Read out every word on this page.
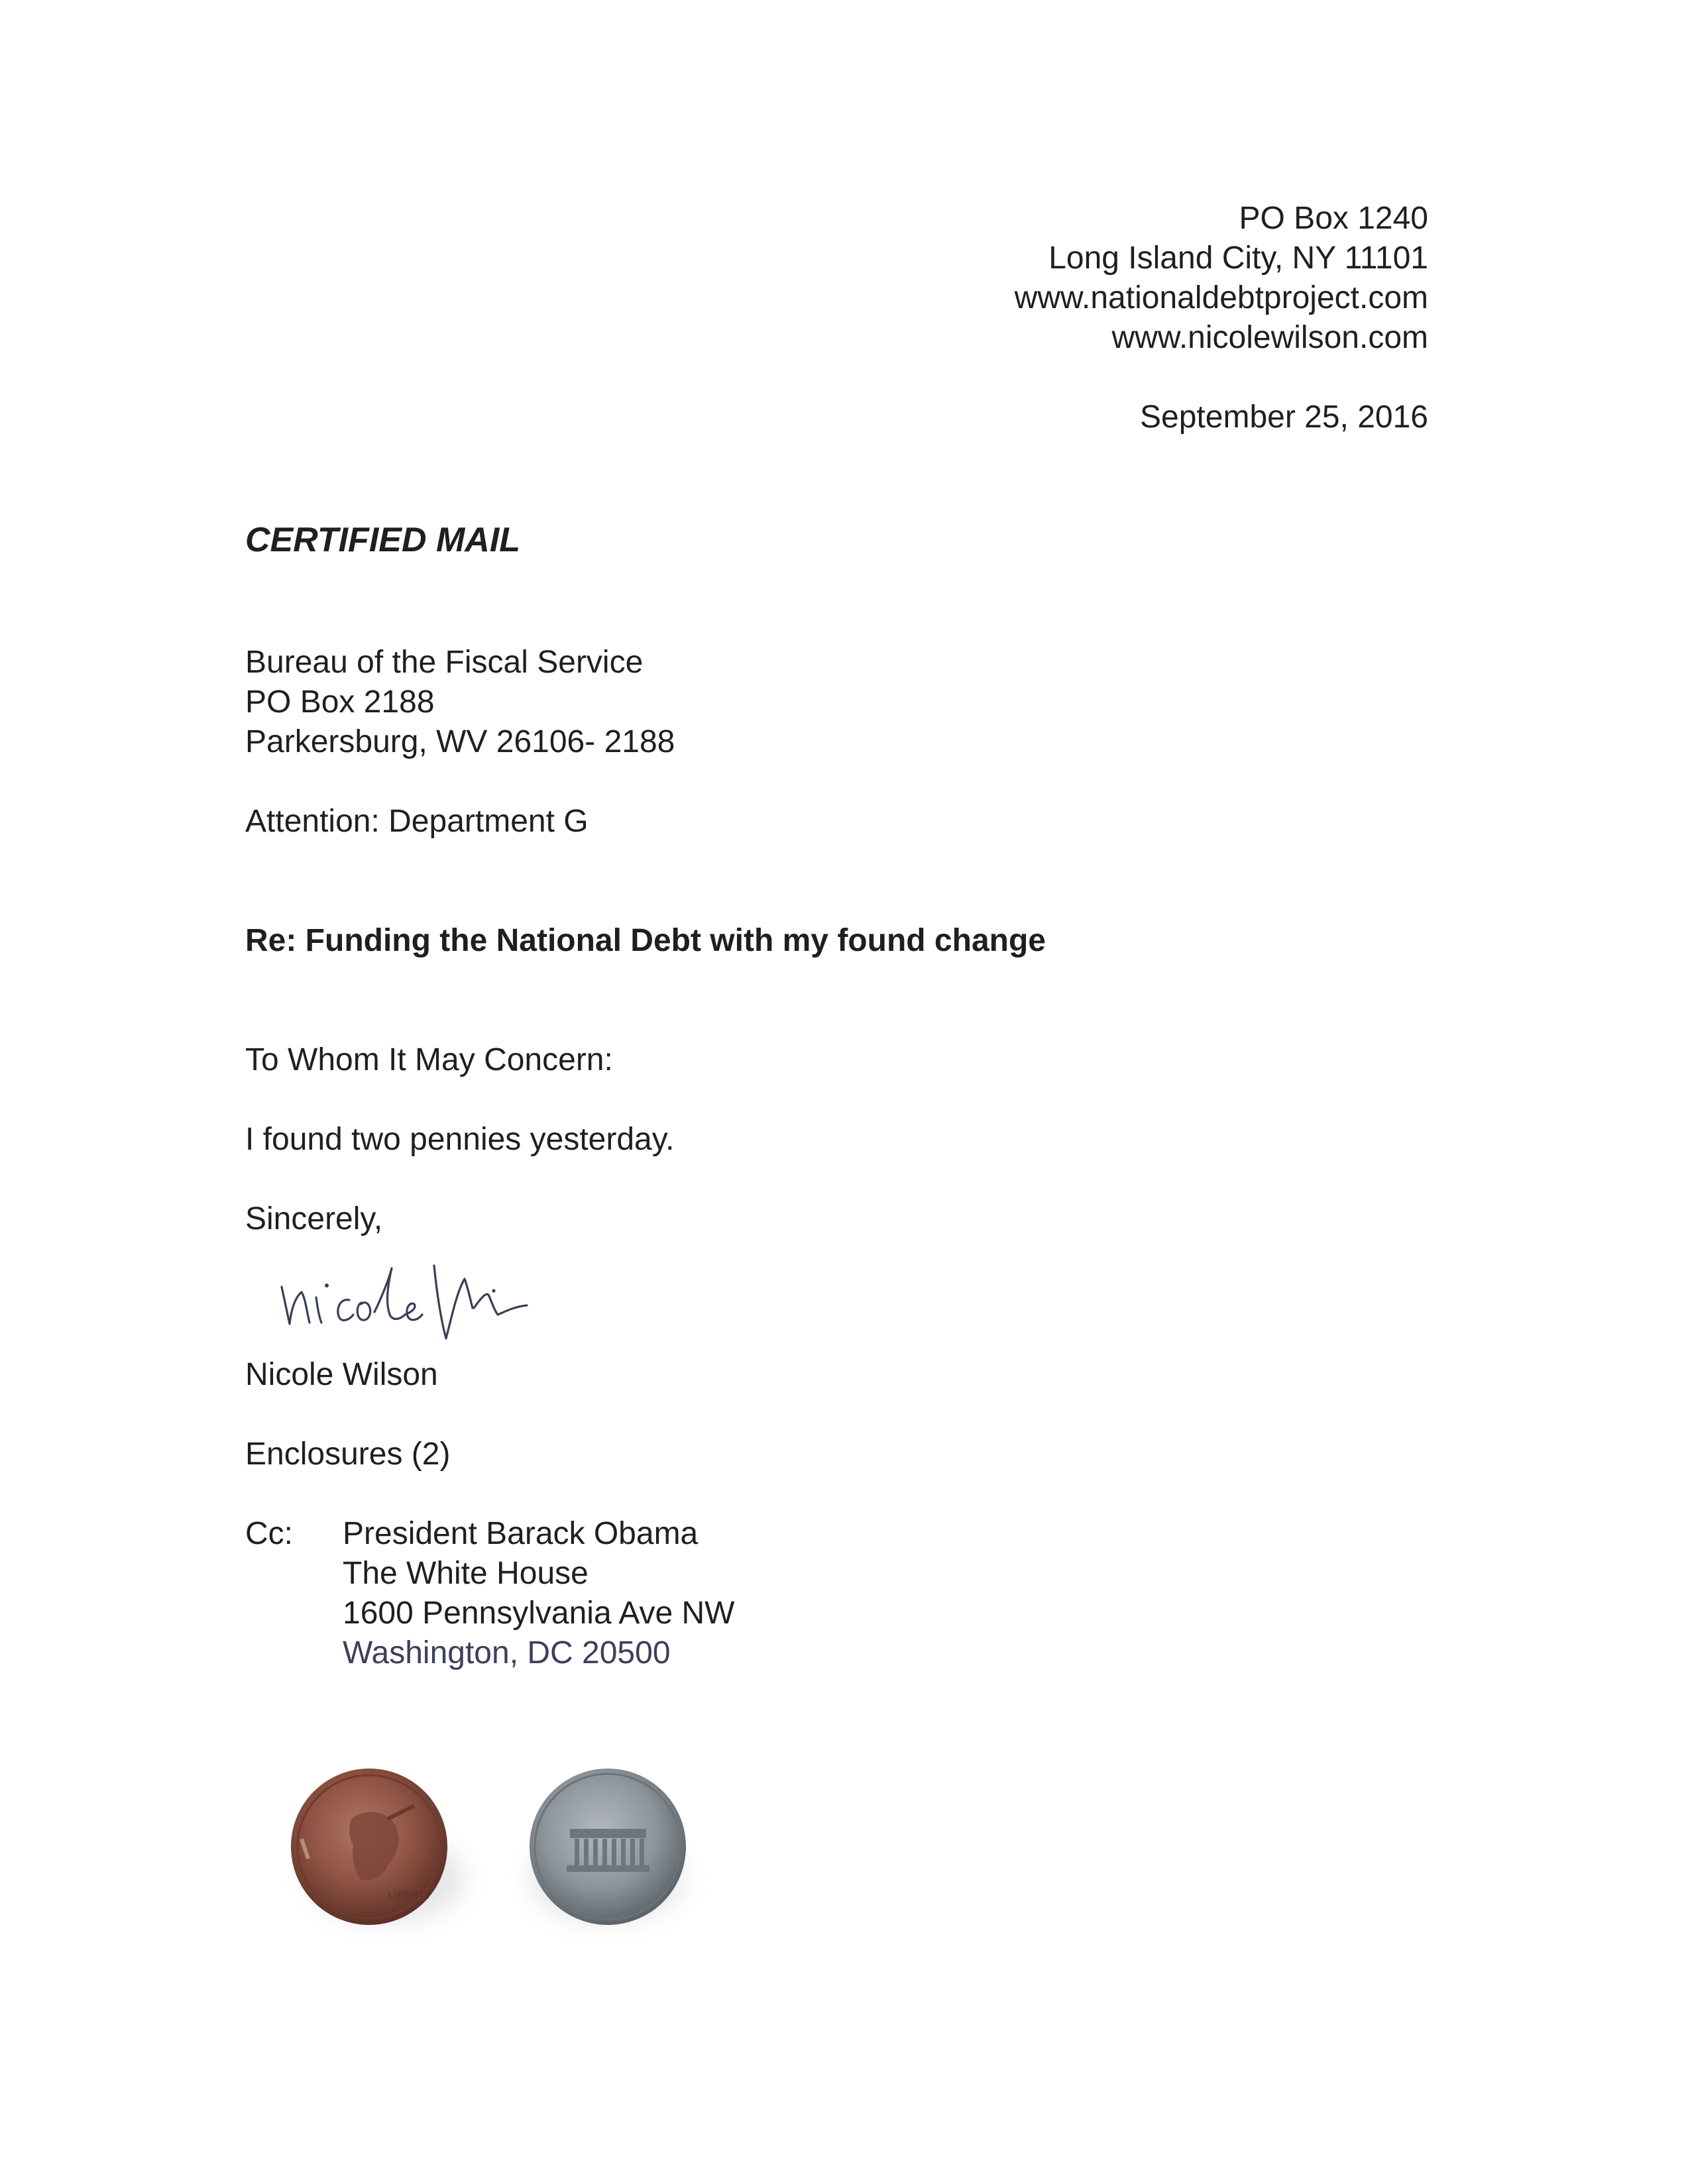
PO Box 1240
Long Island City, NY 11101
www.nationaldebtproject.com
www.nicolewilson.com
September 25, 2016
CERTIFIED MAIL
Bureau of the Fiscal Service
PO Box 2188
Parkersburg, WV 26106- 2188
Attention: Department G
Re: Funding the National Debt with my found change
To Whom It May Concern:
I found two pennies yesterday.
Sincerely,
Nicole Wilson
Enclosures (2)
Cc: President Barack Obama
The White House
1600 Pennsylvania Ave NW
Washington, DC 20500
LIBERTY
